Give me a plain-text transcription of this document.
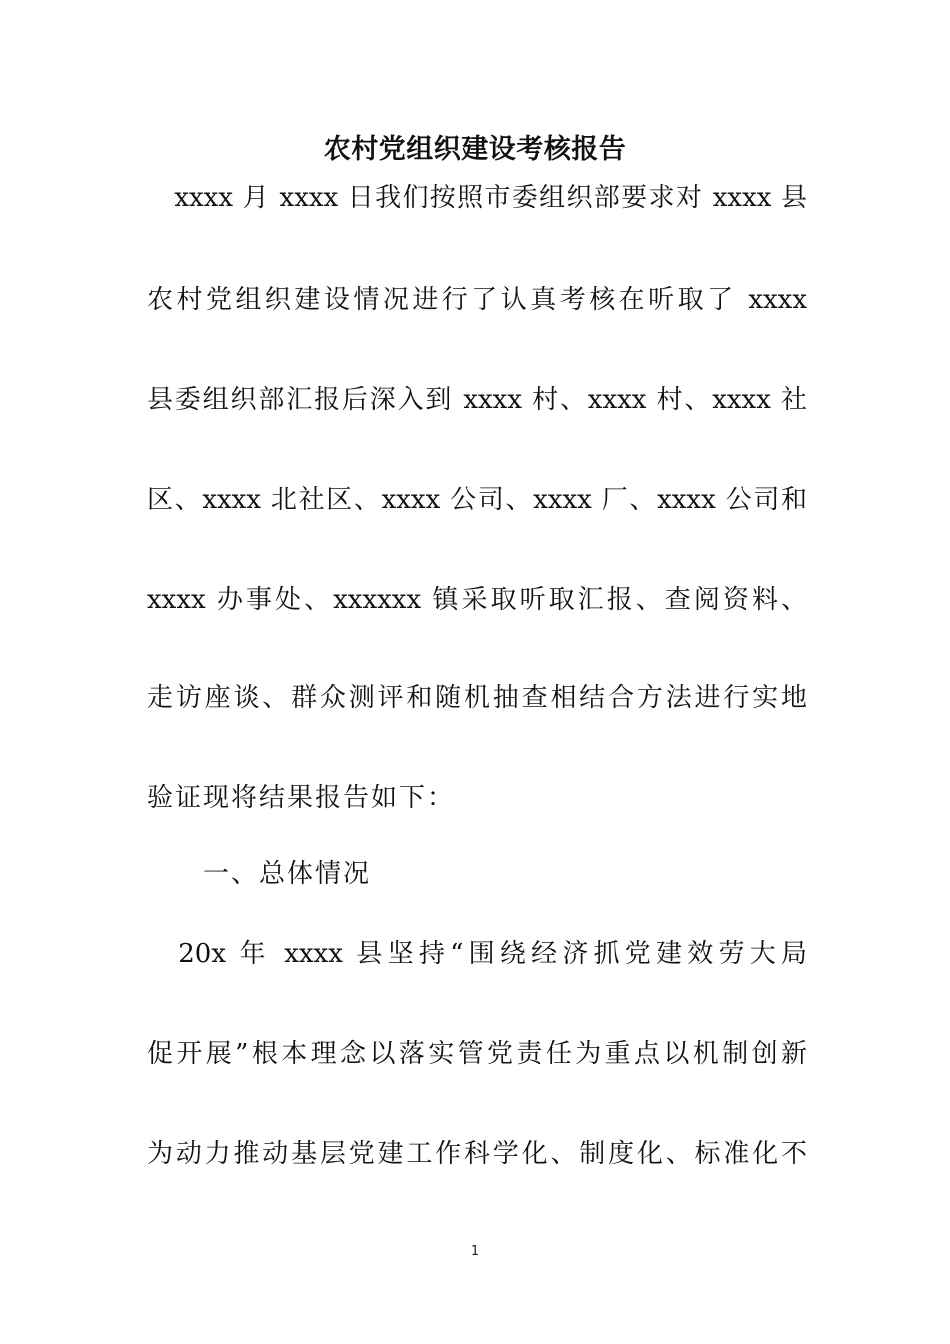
农村党组织建设考核报告
　xxxx 月 xxxx 日我们按照市委组织部要求对 xxxx 县
农村党组织建设情况进行了认真考核在听取了 xxxx
县委组织部汇报后深入到 xxxx 村、xxxx 村、xxxx 社
区、xxxx 北社区、xxxx 公司、xxxx 厂、xxxx 公司和
xxxx 办事处、xxxxxx 镇采取听取汇报、查阅资料、
走访座谈、群众测评和随机抽查相结合方法进行实地
验证现将结果报告如下：
一、总体情况
　20x 年 xxxx 县坚持“围绕经济抓党建效劳大局
促开展”根本理念以落实管党责任为重点以机制创新
为动力推动基层党建工作科学化、制度化、标准化不
1
